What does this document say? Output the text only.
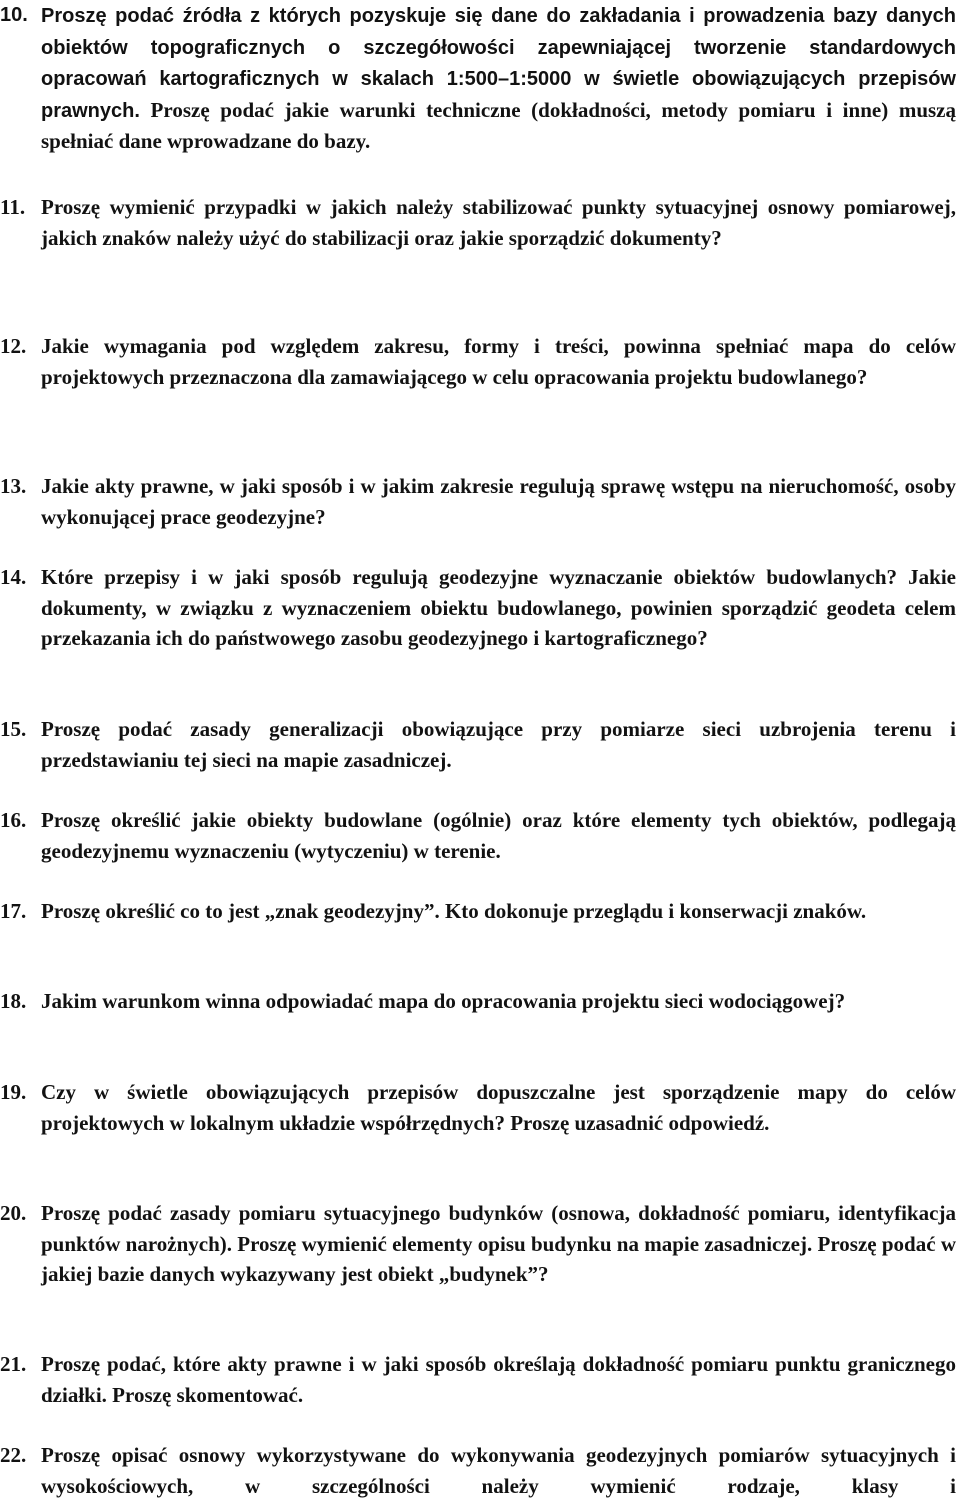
10. Proszę podać źródła z których pozyskuje się dane do zakładania i prowadzenia bazy danych obiektów topograficznych o szczegółowości zapewniającej tworzenie standardowych opracowań kartograficznych w skalach 1:500–1:5000 w świetle obowiązujących przepisów prawnych. Proszę podać jakie warunki techniczne (dokładności, metody pomiaru i inne) muszą spełniać dane wprowadzane do bazy.
11. Proszę wymienić przypadki w jakich należy stabilizować punkty sytuacyjnej osnowy pomiarowej, jakich znaków należy użyć do stabilizacji oraz jakie sporządzić dokumenty?
12. Jakie wymagania pod względem zakresu, formy i treści, powinna spełniać mapa do celów projektowych przeznaczona dla zamawiającego w celu opracowania projektu budowlanego?
13. Jakie akty prawne, w jaki sposób i w jakim zakresie regulują sprawę wstępu na nieruchomość, osoby wykonującej prace geodezyjne?
14. Które przepisy i w jaki sposób regulują geodezyjne wyznaczanie obiektów budowlanych? Jakie dokumenty, w związku z wyznaczeniem obiektu budowlanego, powinien sporządzić geodeta celem przekazania ich do państwowego zasobu geodezyjnego i kartograficznego?
15. Proszę podać zasady generalizacji obowiązujące przy pomiarze sieci uzbrojenia terenu i przedstawianiu tej sieci na mapie zasadniczej.
16. Proszę określić jakie obiekty budowlane (ogólnie) oraz które elementy tych obiektów, podlegają geodezyjnemu wyznaczeniu (wytyczeniu) w terenie.
17. Proszę określić co to jest „znak geodezyjny”. Kto dokonuje przeglądu i konserwacji znaków.
18. Jakim warunkom winna odpowiadać mapa do opracowania projektu sieci wodociągowej?
19. Czy w świetle obowiązujących przepisów dopuszczalne jest sporządzenie mapy do celów projektowych w lokalnym układzie współrzędnych? Proszę uzasadnić odpowiedź.
20. Proszę podać zasady pomiaru sytuacyjnego budynków (osnowa, dokładność pomiaru, identyfikacja punktów narożnych). Proszę wymienić elementy opisu budynku na mapie zasadniczej. Proszę podać w jakiej bazie danych wykazywany jest obiekt „budynek”?
21. Proszę podać, które akty prawne i w jaki sposób określają dokładność pomiaru punktu granicznego działki. Proszę skomentować.
22. Proszę opisać osnowy wykorzystywane do wykonywania geodezyjnych pomiarów sytuacyjnych i wysokościowych, w szczególności należy wymienić rodzaje, klasy i
